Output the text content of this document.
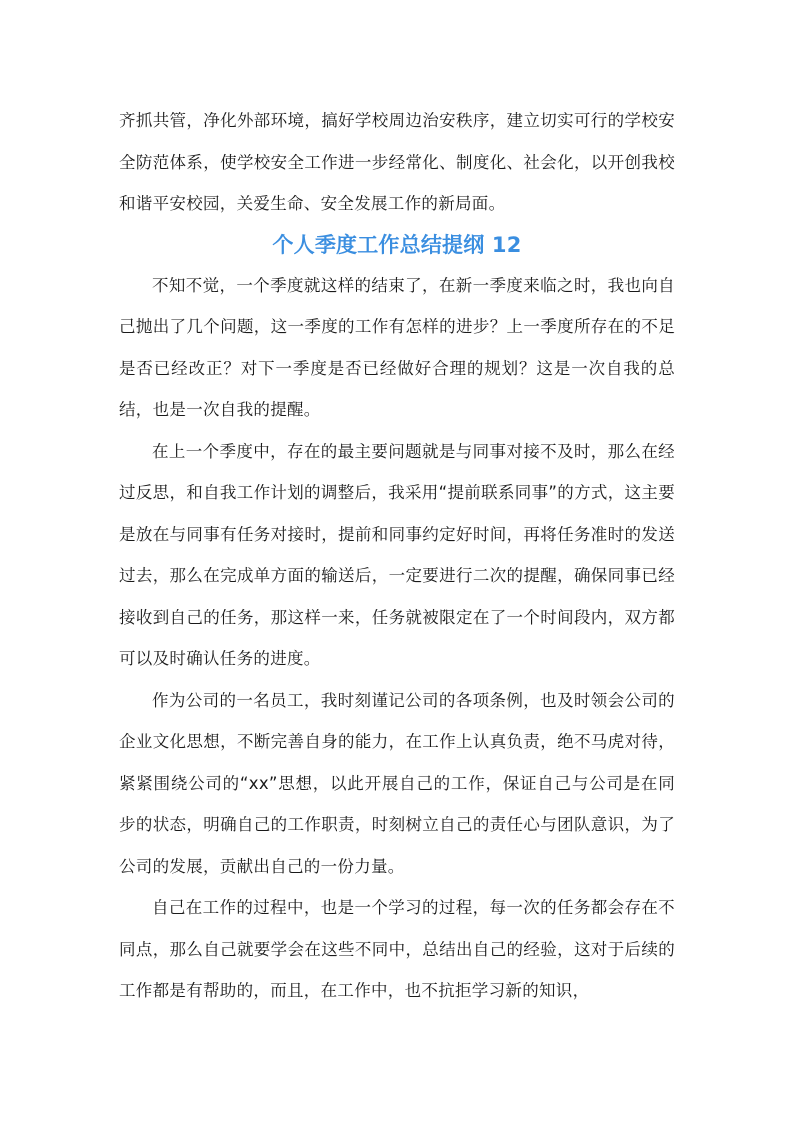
齐抓共管，净化外部环境，搞好学校周边治安秩序，建立切实可行的学校安全防范体系，使学校安全工作进一步经常化、制度化、社会化，以开创我校和谐平安校园，关爱生命、安全发展工作的新局面。

个人季度工作总结提纲 12

不知不觉，一个季度就这样的结束了，在新一季度来临之时，我也向自己抛出了几个问题，这一季度的工作有怎样的进步？上一季度所存在的不足是否已经改正？对下一季度是否已经做好合理的规划？这是一次自我的总结，也是一次自我的提醒。

在上一个季度中，存在的最主要问题就是与同事对接不及时，那么在经过反思，和自我工作计划的调整后，我采用“提前联系同事”的方式，这主要是放在与同事有任务对接时，提前和同事约定好时间，再将任务准时的发送过去，那么在完成单方面的输送后，一定要进行二次的提醒，确保同事已经接收到自己的任务，那这样一来，任务就被限定在了一个时间段内，双方都可以及时确认任务的进度。

作为公司的一名员工，我时刻谨记公司的各项条例，也及时领会公司的企业文化思想，不断完善自身的能力，在工作上认真负责，绝不马虎对待，紧紧围绕公司的“xx”思想，以此开展自己的工作，保证自己与公司是在同步的状态，明确自己的工作职责，时刻树立自己的责任心与团队意识，为了公司的发展，贡献出自己的一份力量。

自己在工作的过程中，也是一个学习的过程，每一次的任务都会存在不同点，那么自己就要学会在这些不同中，总结出自己的经验，这对于后续的工作都是有帮助的，而且，在工作中，也不抗拒学习新的知识，
